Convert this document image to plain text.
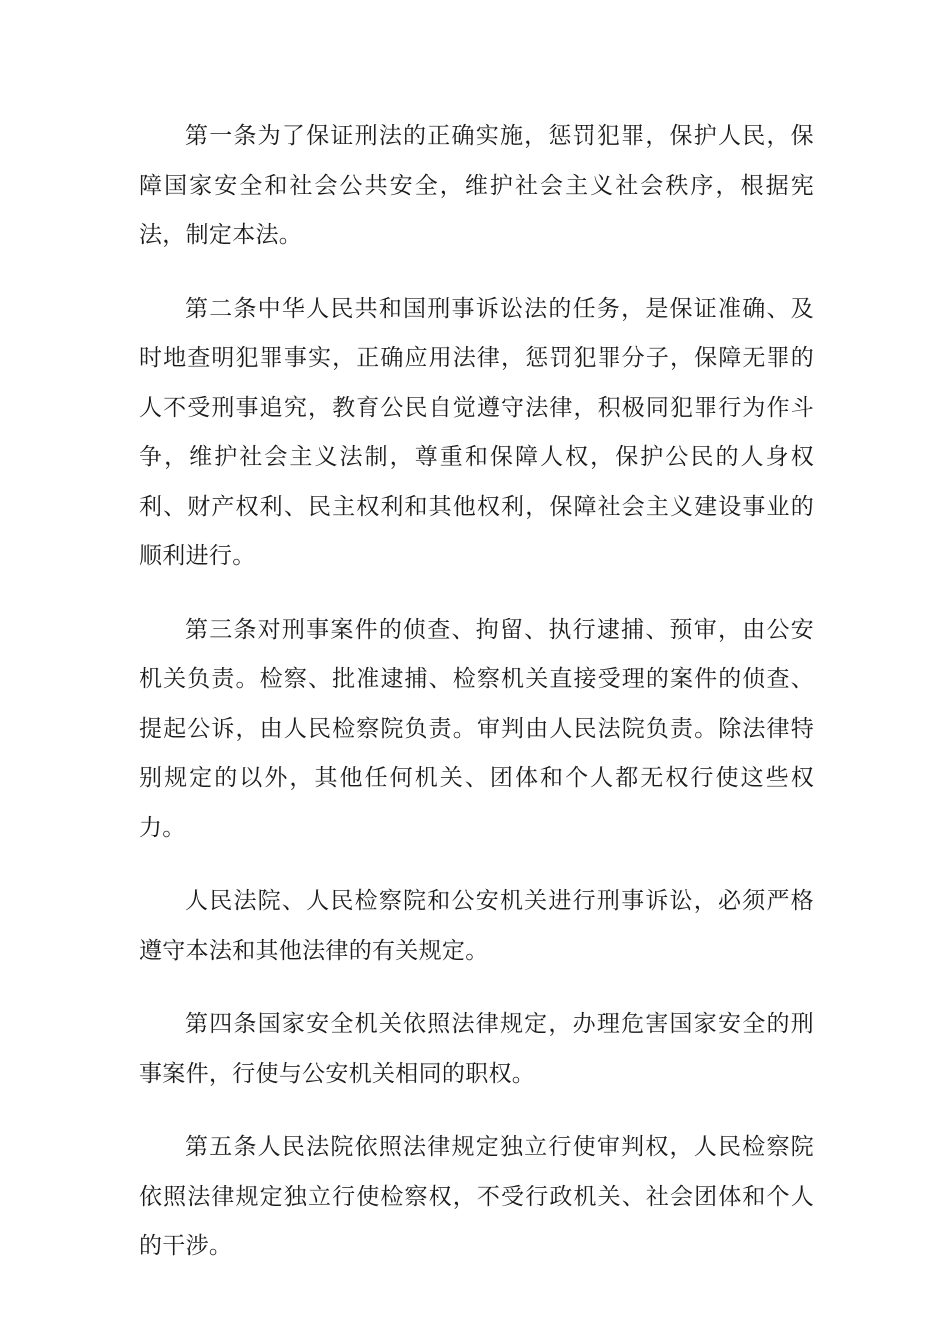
第一条为了保证刑法的正确实施，惩罚犯罪，保护人民，保障国家安全和社会公共安全，维护社会主义社会秩序，根据宪法，制定本法。

第二条中华人民共和国刑事诉讼法的任务，是保证准确、及时地查明犯罪事实，正确应用法律，惩罚犯罪分子，保障无罪的人不受刑事追究，教育公民自觉遵守法律，积极同犯罪行为作斗争，维护社会主义法制，尊重和保障人权，保护公民的人身权利、财产权利、民主权利和其他权利，保障社会主义建设事业的顺利进行。

第三条对刑事案件的侦查、拘留、执行逮捕、预审，由公安机关负责。检察、批准逮捕、检察机关直接受理的案件的侦查、提起公诉，由人民检察院负责。审判由人民法院负责。除法律特别规定的以外，其他任何机关、团体和个人都无权行使这些权力。

人民法院、人民检察院和公安机关进行刑事诉讼，必须严格遵守本法和其他法律的有关规定。

第四条国家安全机关依照法律规定，办理危害国家安全的刑事案件，行使与公安机关相同的职权。

第五条人民法院依照法律规定独立行使审判权，人民检察院依照法律规定独立行使检察权，不受行政机关、社会团体和个人的干涉。
